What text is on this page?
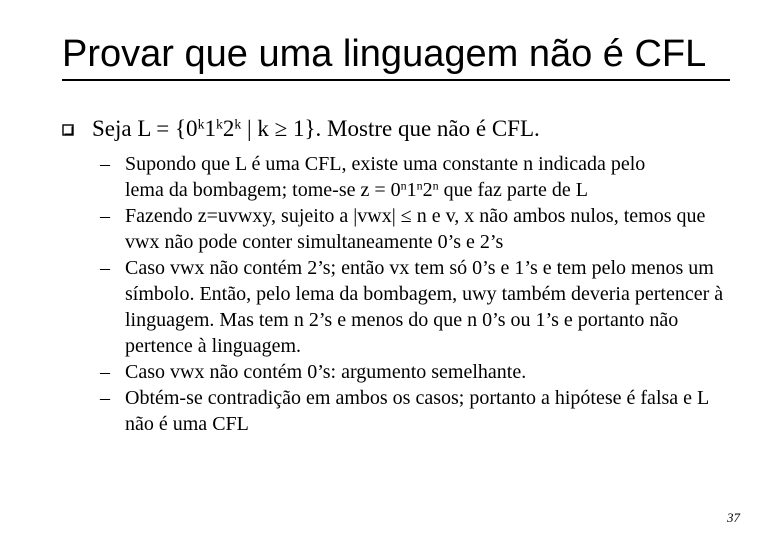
Provar que uma linguagem não é CFL
Seja $L = \{0^k1^k2^k$ | k ≥ 1}. Mostre que não é CFL.
– Supondo que L é uma CFL, existe uma constante n indicada pelo
lema da bombagem; tome-se $z = 0^n1^n2^n$ que faz parte de L
– Fazendo z=uvwxy, sujeito a |vwx| ≤ n e v, x não ambos nulos, temos que vwx não pode conter simultaneamente 0’s e 2’s
– Caso vwx não contém 2’s; então vx tem só 0’s e 1’s e tem pelo menos um símbolo. Então, pelo lema da bombagem, uwy também deveria pertencer à linguagem. Mas tem n 2’s e menos do que n 0’s ou 1’s e portanto não pertence à linguagem.
– Caso vwx não contém 0’s: argumento semelhante.
– Obtém-se contradição em ambos os casos; portanto a hipótese é falsa e L não é uma CFL
37
